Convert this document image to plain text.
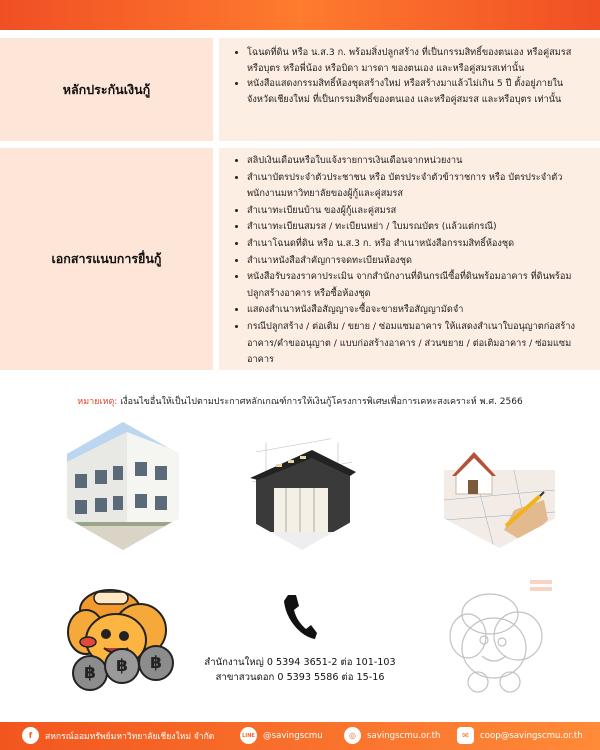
หลักประกันเงินกู้
• โฉนดที่ดิน หรือ น.ส.3 ก. พร้อมสิ่งปลูกสร้าง ที่เป็นกรรมสิทธิ์ของตนเอง หรือคู่สมรส หรือบุตร หรือพี่น้อง หรือบิดา มารดา ของตนเอง และหรือคู่สมรสเท่านั้น
• หนังสือแสดงกรรมสิทธิ์ห้องชุดสร้างใหม่ หรือสร้างมาแล้วไม่เกิน 5 ปี ตั้งอยู่ภายในจังหวัดเชียงใหม่ ที่เป็นกรรมสิทธิ์ของตนเอง และหรือคู่สมรส และหรือบุตร เท่านั้น
เอกสารแนบการยื่นกู้
• สลิปเงินเดือนหรือใบแจ้งรายการเงินเดือนจากหน่วยงาน
• สำเนาบัตรประจำตัวประชาชน หรือ บัตรประจำตัวข้าราชการ หรือ บัตรประจำตัวพนักงานมหาวิทยาลัยของผู้กู้และคู่สมรส
• สำเนาทะเบียนบ้าน ของผู้กู้และคู่สมรส
• สำเนาทะเบียนสมรส / ทะเบียนหย่า / ใบมรณบัตร (แล้วแต่กรณี)
• สำเนาโฉนดที่ดิน หรือ น.ส.3 ก. หรือ สำเนาหนังสือกรรมสิทธิ์ห้องชุด
• สำเนาหนังสือสำคัญการจดทะเบียนห้องชุด
• หนังสือรับรองราคาประเมิน จากสำนักงานที่ดินกรณีซื้อที่ดินพร้อมอาคาร ที่ดินพร้อมปลูกสร้างอาคาร หรือซื้อห้องชุด
• แสดงสำเนาหนังสือสัญญาจะซื้อจะขายหรือสัญญามัดจำ
• กรณีปลูกสร้าง / ต่อเติม / ขยาย / ซ่อมแซมอาคาร ให้แสดงสำเนาใบอนุญาตก่อสร้างอาคาร/คำขออนุญาต / แบบก่อสร้างอาคาร / ส่วนขยาย / ต่อเติมอาคาร / ซ่อมแซมอาคาร
หมายเหตุ: เงื่อนไขอื่นให้เป็นไปตามประกาศหลักเกณฑ์การให้เงินกู้โครงการพิเศษเพื่อการเคหะสงเคราะห์ พ.ศ. 2566
฿	฿	฿	สำนักงานใหญ่ 0 5394 3651-2 ต่อ 101-103
สาขาสวนดอก 0 5393 5586 ต่อ 15-16
f	สหกรณ์ออมทรัพย์มหาวิทยาลัยเชียงใหม่ จำกัด	LINE @savingscmu	◎	savingscmu.or.th	✉	coop@savingscmu.or.th
